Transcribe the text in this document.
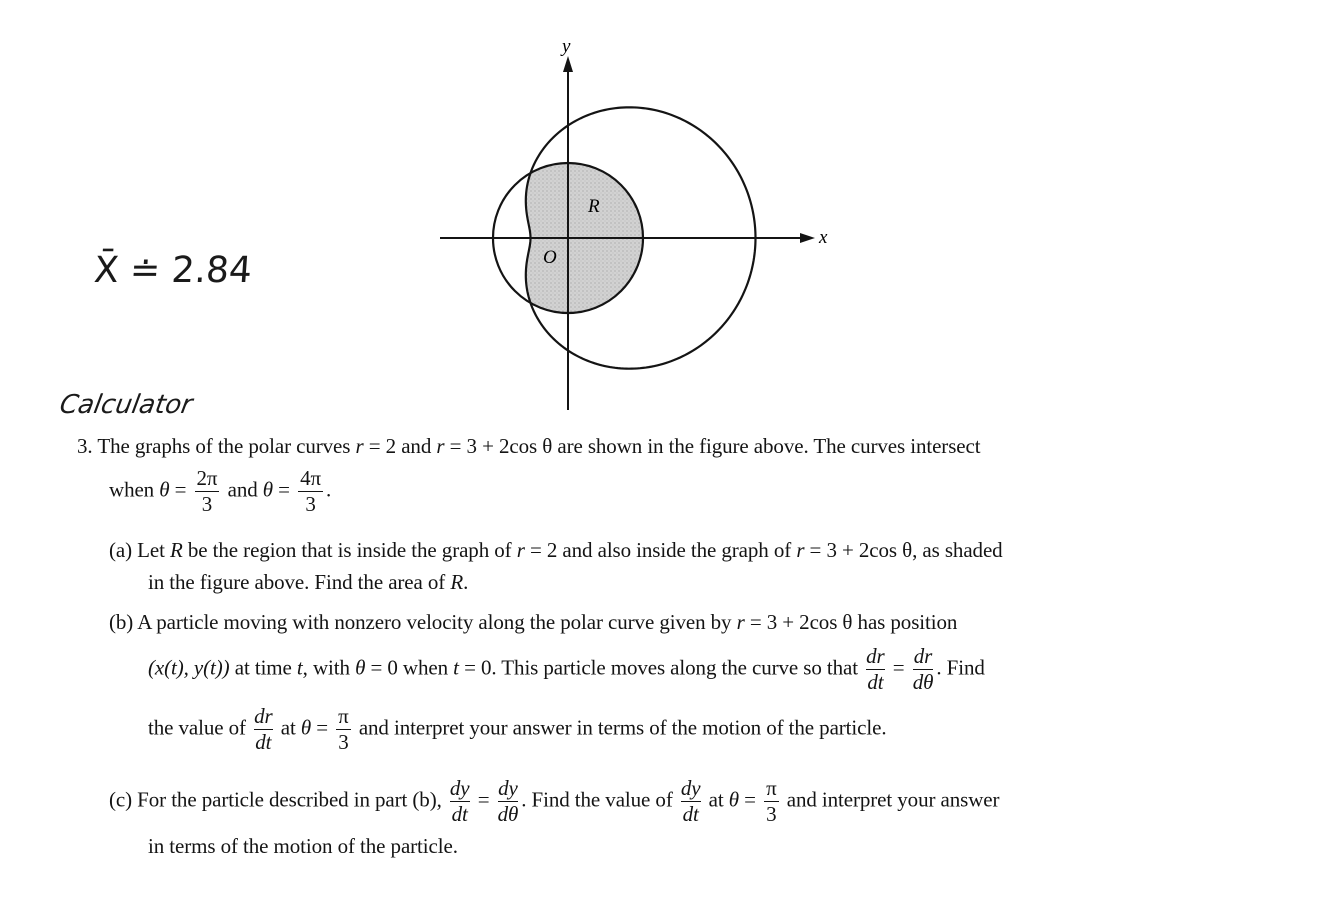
X̄ ≐ 2.84
Calculator
x
y
O
R
3. The graphs of the polar curves r = 2 and r = 3 + 2cos θ are shown in the figure above. The curves intersect
when $\theta = \frac{2\pi}{3}$ and $\theta = \frac{4\pi}{3}$ .
(a) Let R be the region that is inside the graph of r = 2 and also inside the graph of r = 3 + 2cos θ, as shaded
in the figure above. Find the area of R.
(b) A particle moving with nonzero velocity along the polar curve given by r = 3 + 2cos θ has position
(x(t), y(t)) at time t, with θ = 0 when t = 0. This particle moves along the curve so that $\frac{dr}{dt} = \frac{dr}{d\theta}$ . Find
the value of $\frac{dr}{dt}$ at $\theta = \frac{\pi}{3}$ and interpret your answer in terms of the motion of the particle.
(c) For the particle described in part (b), $\frac{dy}{dt} = \frac{dy}{d\theta}$ . Find the value of $\frac{dy}{dt}$ at $\theta = \frac{\pi}{3}$ and interpret your answer
in terms of the motion of the particle.
